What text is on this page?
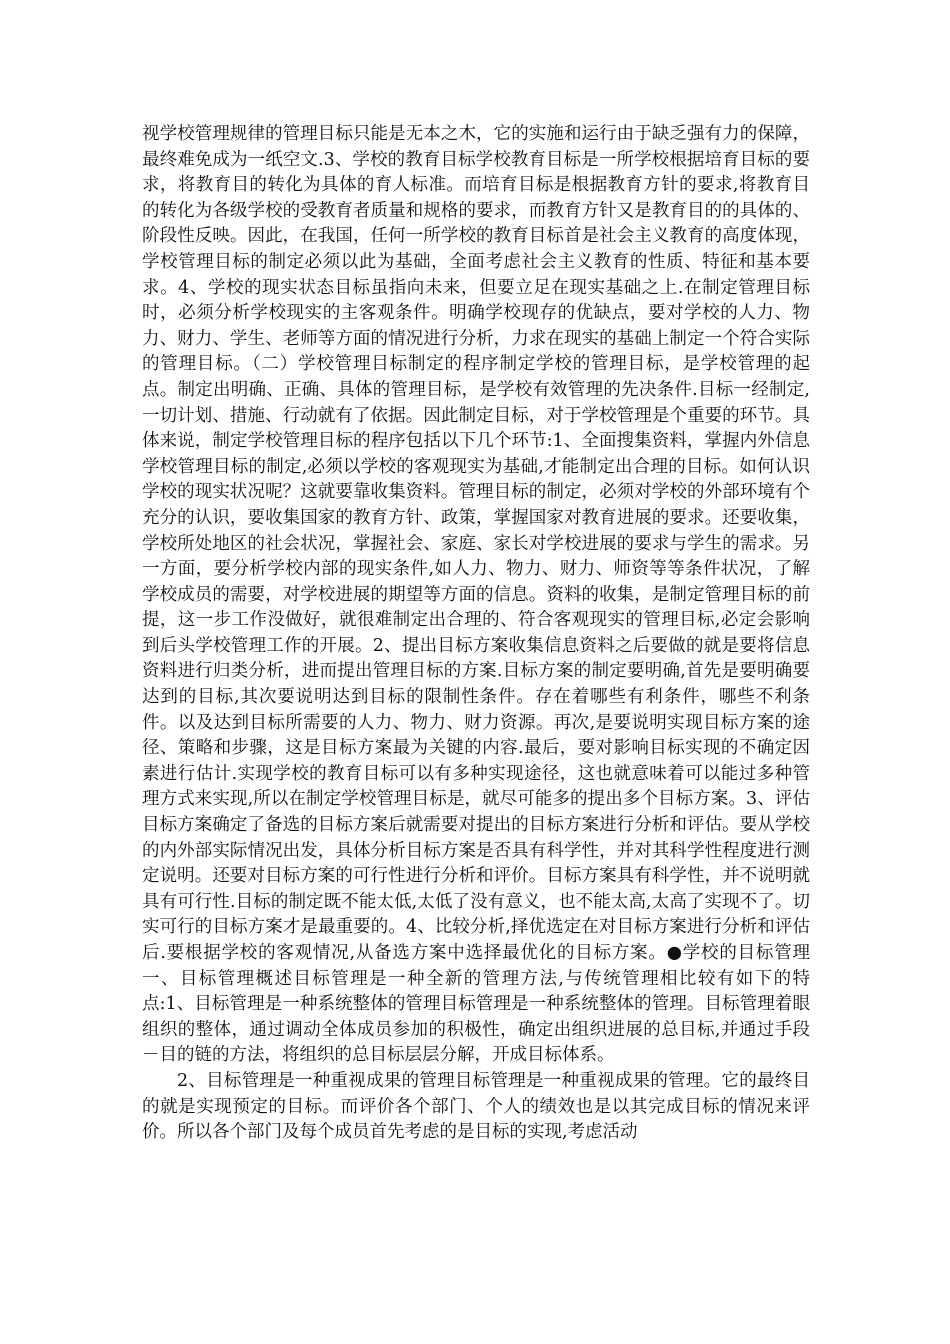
视学校管理规律的管理目标只能是无本之木，它的实施和运行由于缺乏强有力的保障，最终难免成为一纸空文.3、学校的教育目标学校教育目标是一所学校根据培育目标的要求，将教育目的转化为具体的育人标准。而培育目标是根据教育方针的要求,将教育目的转化为各级学校的受教育者质量和规格的要求，而教育方针又是教育目的的具体的、阶段性反映。因此，在我国，任何一所学校的教育目标首是社会主义教育的高度体现，学校管理目标的制定必须以此为基础，全面考虑社会主义教育的性质、特征和基本要求。4、学校的现实状态目标虽指向未来，但要立足在现实基础之上.在制定管理目标时，必须分析学校现实的主客观条件。明确学校现存的优缺点，要对学校的人力、物力、财力、学生、老师等方面的情况进行分析，力求在现实的基础上制定一个符合实际的管理目标。（二）学校管理目标制定的程序制定学校的管理目标，是学校管理的起点。制定出明确、正确、具体的管理目标，是学校有效管理的先决条件.目标一经制定,一切计划、措施、行动就有了依据。因此制定目标，对于学校管理是个重要的环节。具体来说，制定学校管理目标的程序包括以下几个环节:1、全面搜集资料，掌握内外信息学校管理目标的制定,必须以学校的客观现实为基础,才能制定出合理的目标。如何认识学校的现实状况呢？这就要靠收集资料。管理目标的制定，必须对学校的外部环境有个充分的认识，要收集国家的教育方针、政策，掌握国家对教育进展的要求。还要收集，学校所处地区的社会状况，掌握社会、家庭、家长对学校进展的要求与学生的需求。另一方面，要分析学校内部的现实条件,如人力、物力、财力、师资等等条件状况，了解学校成员的需要，对学校进展的期望等方面的信息。资料的收集，是制定管理目标的前提，这一步工作没做好，就很难制定出合理的、符合客观现实的管理目标,必定会影响到后头学校管理工作的开展。2、提出目标方案收集信息资料之后要做的就是要将信息资料进行归类分析，进而提出管理目标的方案.目标方案的制定要明确,首先是要明确要达到的目标,其次要说明达到目标的限制性条件。存在着哪些有利条件，哪些不利条件。以及达到目标所需要的人力、物力、财力资源。再次,是要说明实现目标方案的途径、策略和步骤，这是目标方案最为关键的内容.最后，要对影响目标实现的不确定因素进行估计.实现学校的教育目标可以有多种实现途径，这也就意味着可以能过多种管理方式来实现,所以在制定学校管理目标是，就尽可能多的提出多个目标方案。3、评估目标方案确定了备选的目标方案后就需要对提出的目标方案进行分析和评估。要从学校的内外部实际情况出发，具体分析目标方案是否具有科学性，并对其科学性程度进行测定说明。还要对目标方案的可行性进行分析和评价。目标方案具有科学性，并不说明就具有可行性.目标的制定既不能太低,太低了没有意义，也不能太高,太高了实现不了。切实可行的目标方案才是最重要的。4、比较分析,择优选定在对目标方案进行分析和评估后.要根据学校的客观情况,从备选方案中选择最优化的目标方案。●学校的目标管理一、目标管理概述目标管理是一种全新的管理方法,与传统管理相比较有如下的特点:1、目标管理是一种系统整体的管理目标管理是一种系统整体的管理。目标管理着眼组织的整体，通过调动全体成员参加的积极性，确定出组织进展的总目标,并通过手段－目的链的方法，将组织的总目标层层分解，开成目标体系。

2、目标管理是一种重视成果的管理目标管理是一种重视成果的管理。它的最终目的就是实现预定的目标。而评价各个部门、个人的绩效也是以其完成目标的情况来评价。所以各个部门及每个成员首先考虑的是目标的实现,考虑活动
